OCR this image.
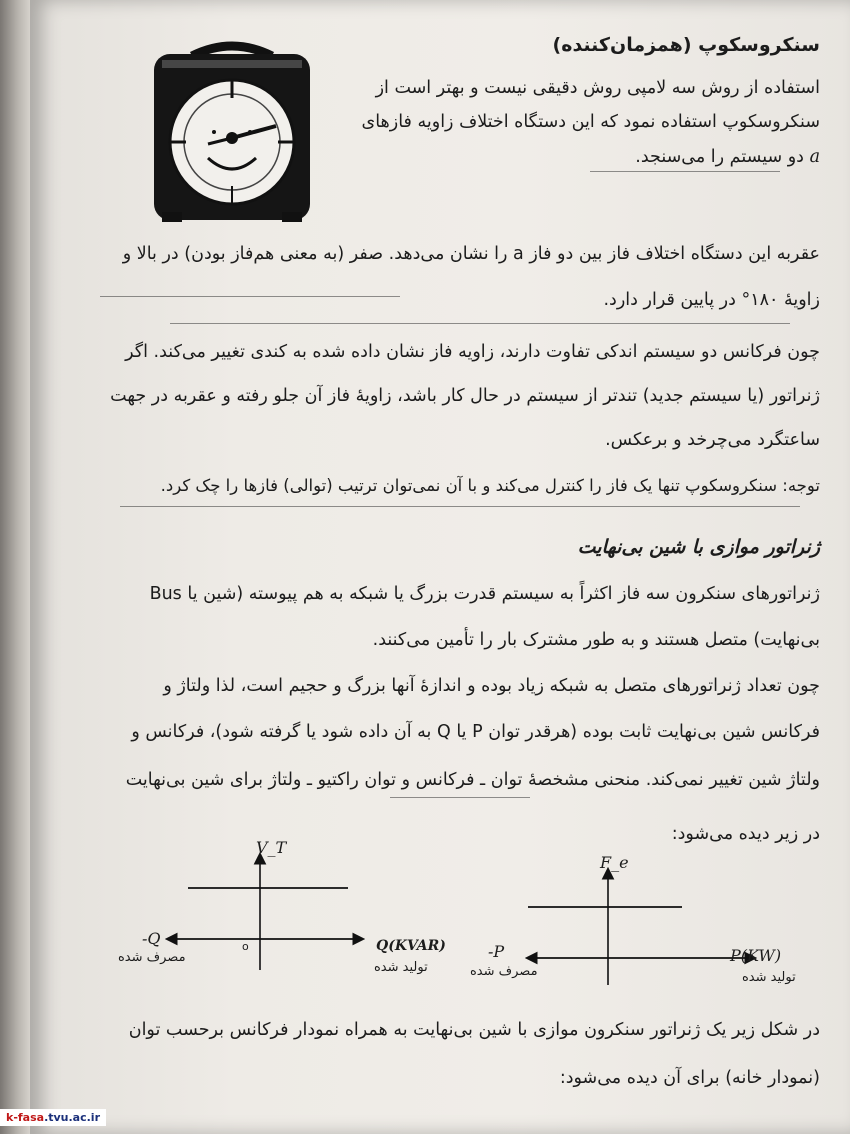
سنکروسکوپ (همزمان‌کننده)
استفاده از روش سه لامپی روش دقیقی نیست و بهتر است از
سنکروسکوپ استفاده نمود که این دستگاه اختلاف زاویه فازهای
a دو سیستم را می‌سنجد.
عقربه این دستگاه اختلاف فاز بین دو فاز a را نشان می‌دهد. صفر (به معنی هم‌فاز بودن) در بالا و
زاویهٔ ۱۸۰° در پایین قرار دارد.
چون فرکانس دو سیستم اندکی تفاوت دارند، زاویه فاز نشان داده شده به کندی تغییر می‌کند. اگر
ژنراتور (یا سیستم جدید) تندتر از سیستم در حال کار باشد، زاویهٔ فاز آن جلو رفته و عقربه در جهت
ساعتگرد می‌چرخد و برعکس.
توجه: سنکروسکوپ تنها یک فاز را کنترل می‌کند و با آن نمی‌توان ترتیب (توالی) فازها را چک کرد.
ژنراتور موازی با شین بی‌نهایت
ژنراتورهای سنکرون سه فاز اکثراً به سیستم قدرت بزرگ یا شبکه به هم پیوسته (شین یا Bus
بی‌نهایت) متصل هستند و به طور مشترک بار را تأمین می‌کنند.
چون تعداد ژنراتورهای متصل به شبکه زیاد بوده و اندازهٔ آنها بزرگ و حجیم است، لذا ولتاژ و
فرکانس شین بی‌نهایت ثابت بوده (هرقدر توان P یا Q به آن داده شود یا گرفته شود)، فرکانس و
ولتاژ شین تغییر نمی‌کند. منحنی مشخصهٔ توان ـ فرکانس و توان راکتیو ـ ولتاژ برای شین بی‌نهایت
در زیر دیده می‌شود:
V_T
-Q
مصرف شده
o	Q(KVAR)
تولید شده
F_e
-P
مصرف شده
P(KW)
تولید شده
در شکل زیر یک ژنراتور سنکرون موازی با شین بی‌نهایت به همراه نمودار فرکانس برحسب توان
(نمودار خانه) برای آن دیده می‌شود:
k-fasa.tvu.ac.ir
